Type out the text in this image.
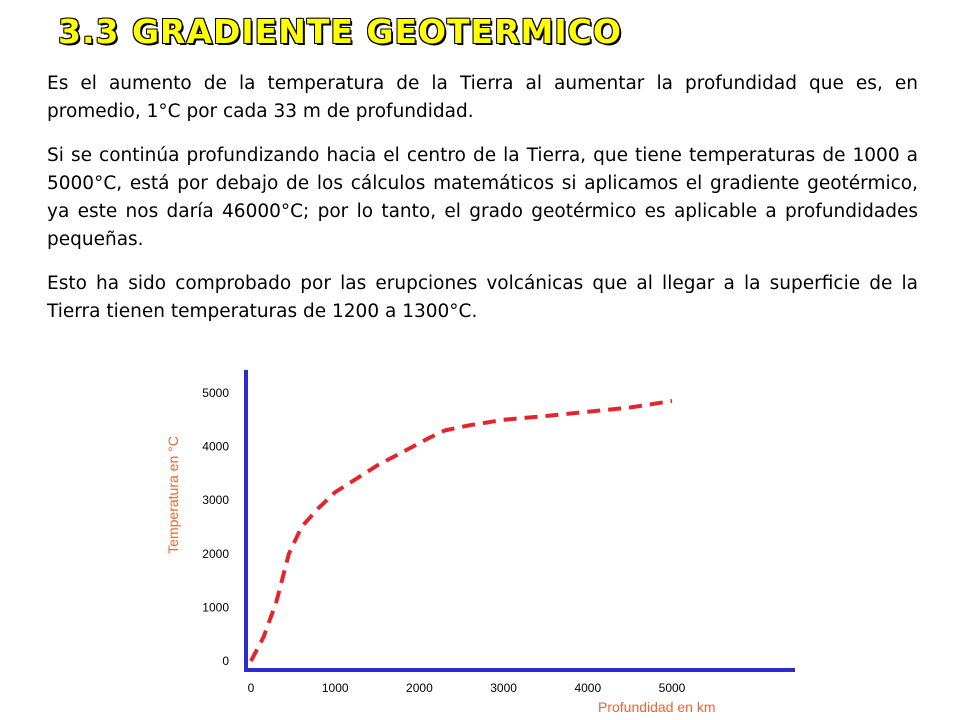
3.3 GRADIENTE GEOTERMICO

Es el aumento de la temperatura de la Tierra al aumentar la profundidad que es, en promedio, 1°C por cada 33 m de profundidad.

Si se continúa profundizando hacia el centro de la Tierra, que tiene temperaturas de 1000 a 5000°C, está por debajo de los cálculos matemáticos si aplicamos el gradiente geotérmico, ya este nos daría 46000°C; por lo tanto, el grado geotérmico es aplicable a profundidades pequeñas.

Esto ha sido comprobado por las erupciones volcánicas que al llegar a la superficie de la Tierra tienen temperaturas de 1200 a 1300°C.

0
1000
2000
3000
4000
5000
0	1000	2000	3000	4000	5000
Temperatura en °C
Profundidad en km
